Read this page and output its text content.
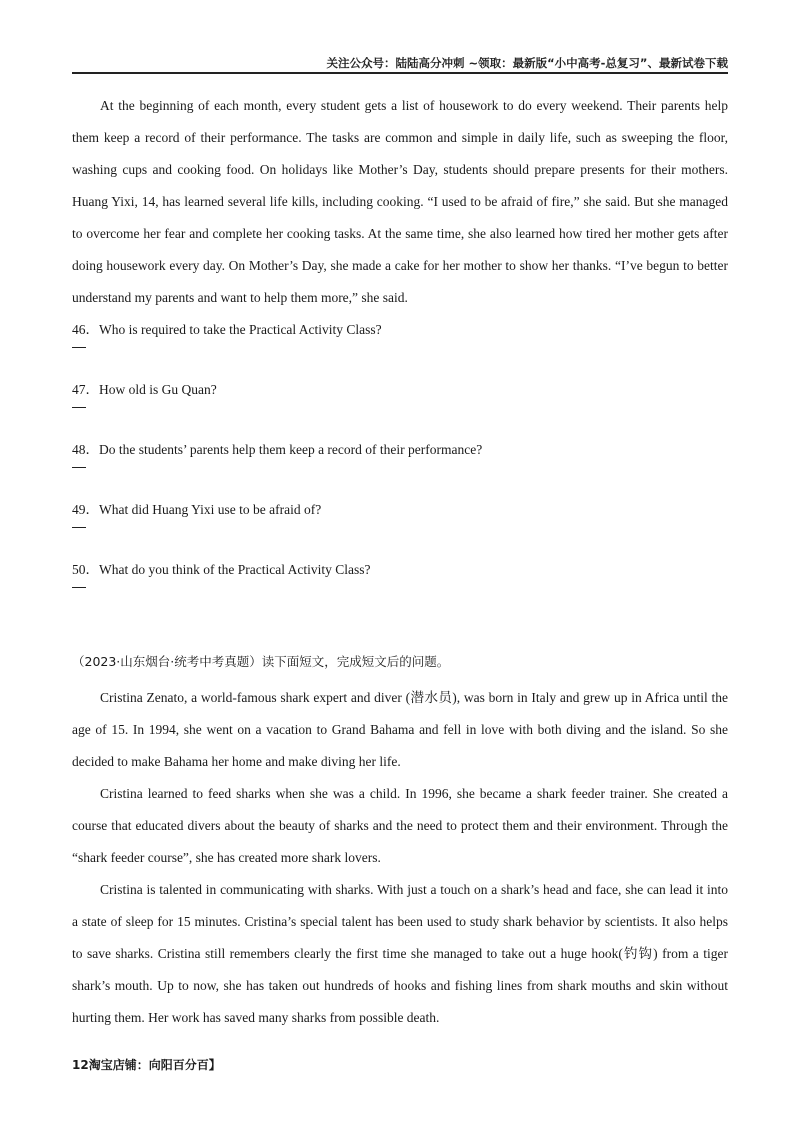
关注公众号：陆陆高分冲刺 ~领取：最新版“小中高考-总复习”、最新试卷下载

At the beginning of each month, every student gets a list of housework to do every weekend. Their parents help them keep a record of their performance. The tasks are common and simple in daily life, such as sweeping the floor, washing cups and cooking food. On holidays like Mother’s Day, students should prepare presents for their mothers. Huang Yixi, 14, has learned several life kills, including cooking. “I used to be afraid of fire,” she said. But she managed to overcome her fear and complete her cooking tasks. At the same time, she also learned how tired her mother gets after doing housework every day. On Mother’s Day, she made a cake for her mother to show her thanks. “I’ve begun to better understand my parents and want to help them more,” she said.

46．Who is required to take the Practical Activity Class?

47．How old is Gu Quan?

48．Do the students’ parents help them keep a record of their performance?

49．What did Huang Yixi use to be afraid of?

50．What do you think of the Practical Activity Class?

（2023·山东烟台·统考中考真题）读下面短文，完成短文后的问题。

Cristina Zenato, a world-famous shark expert and diver (潜水员), was born in Italy and grew up in Africa until the age of 15. In 1994, she went on a vacation to Grand Bahama and fell in love with both diving and the island. So she decided to make Bahama her home and make diving her life.

Cristina learned to feed sharks when she was a child. In 1996, she became a shark feeder trainer. She created a course that educated divers about the beauty of sharks and the need to protect them and their environment. Through the “shark feeder course”, she has created more shark lovers.

Cristina is talented in communicating with sharks. With just a touch on a shark’s head and face, she can lead it into a state of sleep for 15 minutes. Cristina’s special talent has been used to study shark behavior by scientists. It also helps to save sharks. Cristina still remembers clearly the first time she managed to take out a huge hook(钓钩) from a tiger shark’s mouth. Up to now, she has taken out hundreds of hooks and fishing lines from shark mouths and skin without hurting them. Her work has saved many sharks from possible death.

12淘宝店铺：向阳百分百】
